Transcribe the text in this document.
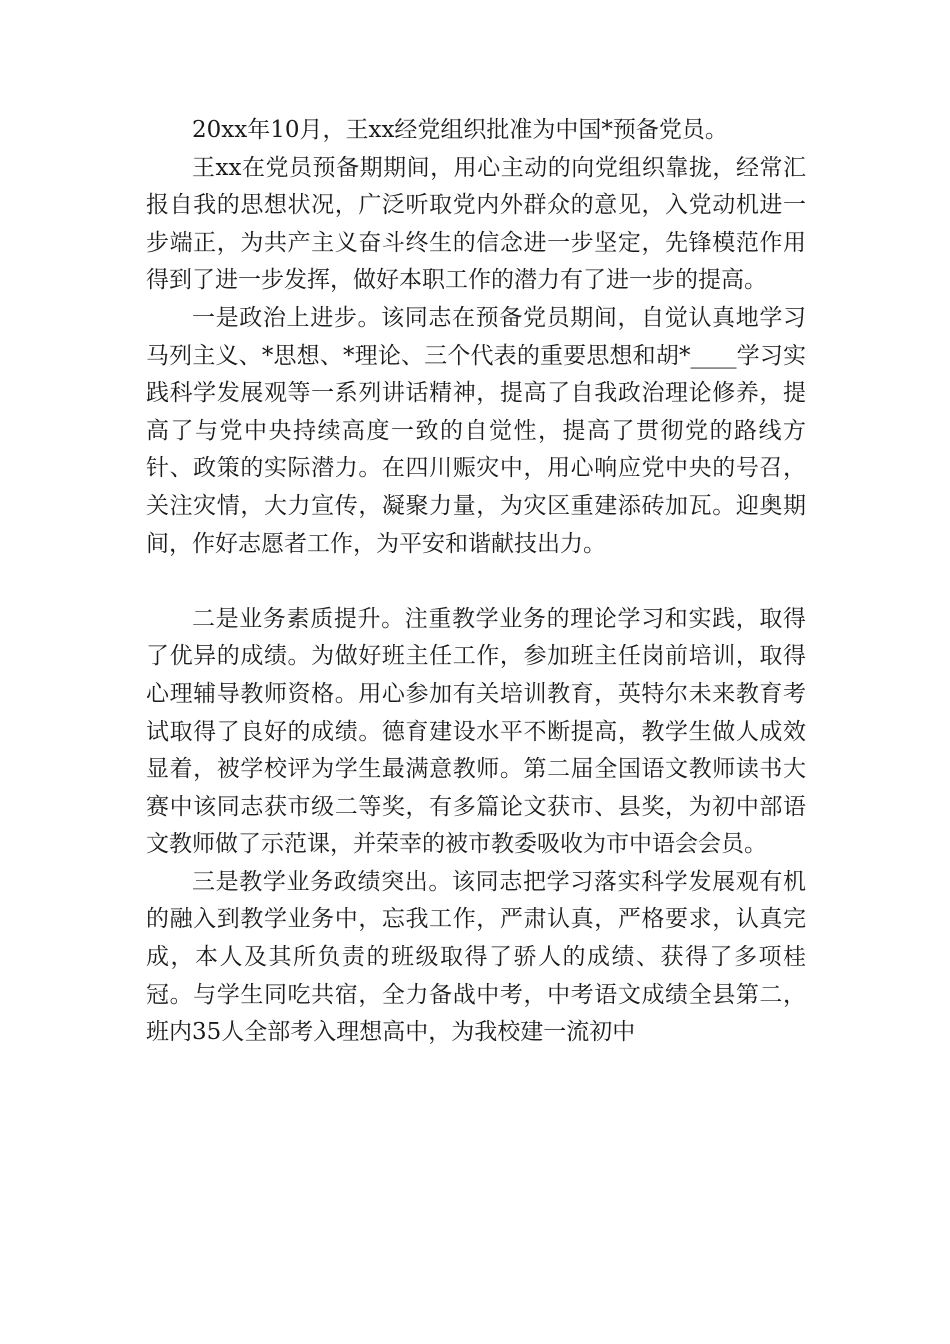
20xx年10月，王xx经党组织批准为中国*预备党员。

王xx在党员预备期期间，用心主动的向党组织靠拢，经常汇报自我的思想状况，广泛听取党内外群众的意见，入党动机进一步端正，为共产主义奋斗终生的信念进一步坚定，先锋模范作用得到了进一步发挥，做好本职工作的潜力有了进一步的提高。

一是政治上进步。该同志在预备党员期间，自觉认真地学习马列主义、*思想、*理论、三个代表的重要思想和胡*____学习实践科学发展观等一系列讲话精神，提高了自我政治理论修养，提高了与党中央持续高度一致的自觉性，提高了贯彻党的路线方针、政策的实际潜力。在四川赈灾中，用心响应党中央的号召，关注灾情，大力宣传，凝聚力量，为灾区重建添砖加瓦。迎奥期间，作好志愿者工作，为平安和谐献技出力。

二是业务素质提升。注重教学业务的理论学习和实践，取得了优异的成绩。为做好班主任工作，参加班主任岗前培训，取得心理辅导教师资格。用心参加有关培训教育，英特尔未来教育考试取得了良好的成绩。德育建设水平不断提高，教学生做人成效显着，被学校评为学生最满意教师。第二届全国语文教师读书大赛中该同志获市级二等奖，有多篇论文获市、县奖，为初中部语文教师做了示范课，并荣幸的被市教委吸收为市中语会会员。

三是教学业务政绩突出。该同志把学习落实科学发展观有机的融入到教学业务中，忘我工作，严肃认真，严格要求，认真完成，本人及其所负责的班级取得了骄人的成绩、获得了多项桂冠。与学生同吃共宿，全力备战中考，中考语文成绩全县第二，班内35人全部考入理想高中，为我校建一流初中
